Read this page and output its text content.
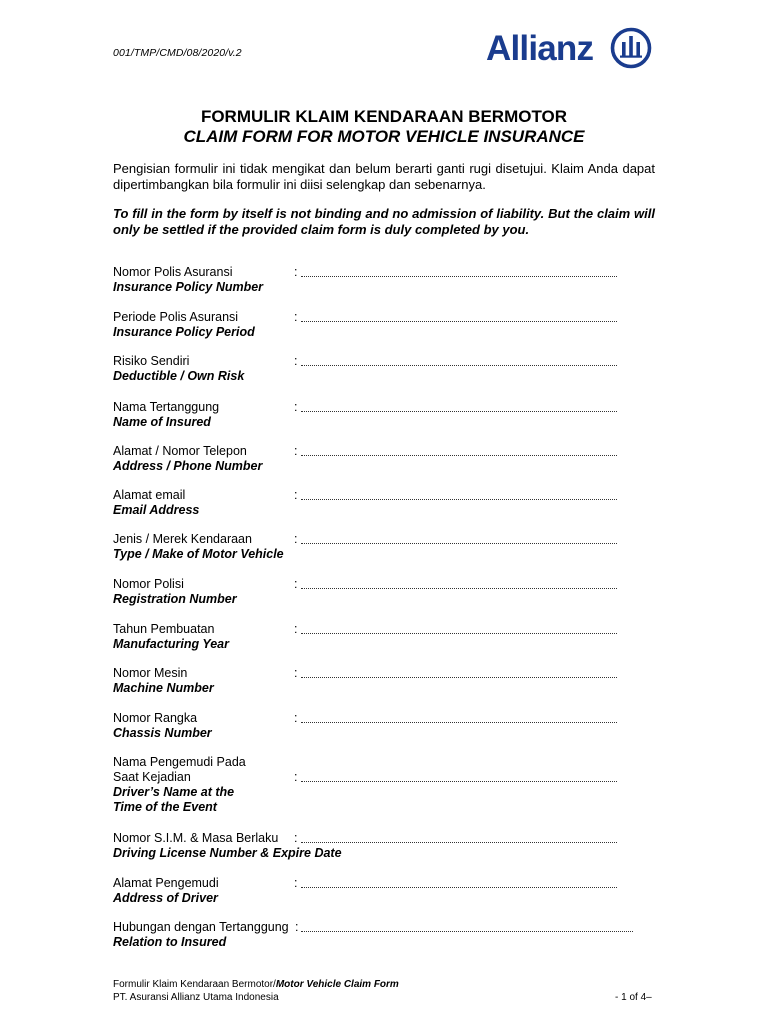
001/TMP/CMD/08/2020/v.2	Allianz
FORMULIR KLAIM KENDARAAN BERMOTOR
CLAIM FORM FOR MOTOR VEHICLE INSURANCE
Pengisian formulir ini tidak mengikat dan belum berarti ganti rugi disetujui. Klaim Anda dapat dipertimbangkan bila formulir ini diisi selengkap dan sebenarnya.
To fill in the form by itself is not binding and no admission of liability. But the claim will only be settled if the provided claim form is duly completed by you.
Nomor Polis Asuransi
Insurance Policy Number
:
Periode Polis Asuransi
Insurance Policy Period
:
Risiko Sendiri
Deductible / Own Risk
:
Nama Tertanggung
Name of Insured
:
Alamat / Nomor Telepon
Address / Phone Number
:
Alamat email
Email Address
:
Jenis / Merek Kendaraan
Type / Make of Motor Vehicle
:
Nomor Polisi
Registration Number
:
Tahun Pembuatan
Manufacturing Year
:
Nomor Mesin
Machine Number
:
Nomor Rangka
Chassis Number
:
Nama Pengemudi Pada
Saat Kejadian
Driver’s Name at the
Time of the Event
:
Nomor S.I.M. & Masa Berlaku
Driving License Number & Expire Date
:
Alamat Pengemudi
Address of Driver
:
Hubungan dengan Tertanggung
Relation to Insured
:
Formulir Klaim Kendaraan Bermotor/Motor Vehicle Claim Form
PT. Asuransi Allianz Utama Indonesia	- 1 of 4–
